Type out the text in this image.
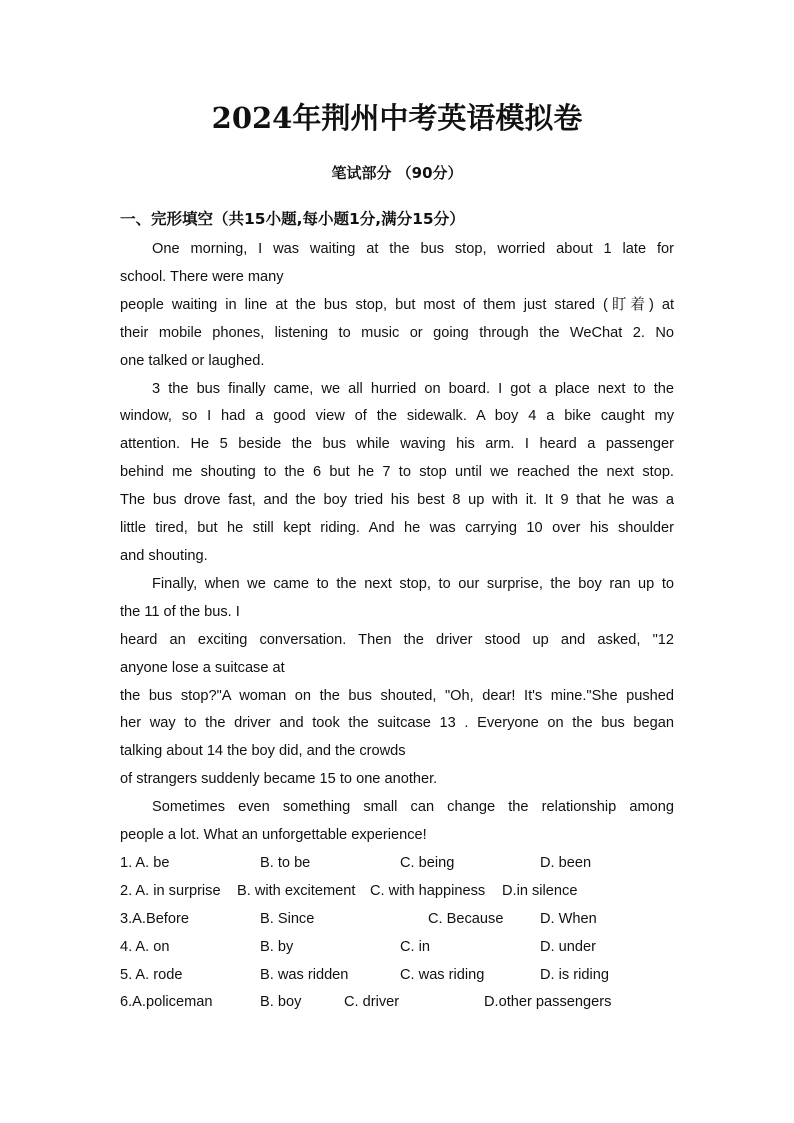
2024年荆州中考英语模拟卷
笔试部分 （90分）
一、完形填空（共15小题,每小题1分,满分15分）
One morning, I was waiting at the bus stop, worried about 1 late for
school. There were many
people waiting in line at the bus stop, but most of them just stared (盯着) at
their mobile phones, listening to music or going through the WeChat 2. No
one talked or laughed.
3 the bus finally came, we all hurried on board. I got a place next to the
window, so I had a good view of the sidewalk. A boy 4 a bike caught my
attention. He 5 beside the bus while waving his arm. I heard a passenger
behind me shouting to the 6 but he 7 to stop until we reached the next stop.
The bus drove fast, and the boy tried his best 8 up with it. It 9 that he was a
little tired, but he still kept riding. And he was carrying 10 over his shoulder
and shouting.
Finally, when we came to the next stop, to our surprise, the boy ran up to
the 11 of the bus. I
heard an exciting conversation. Then the driver stood up and asked, "12
anyone lose a suitcase at
the bus stop?"A woman on the bus shouted, "Oh, dear! It's mine."She pushed
her way to the driver and took the suitcase 13 . Everyone on the bus began
talking about 14 the boy did, and the crowds
of strangers suddenly became 15 to one another.
Sometimes even something small can change the relationship among
people a lot. What an unforgettable experience!
1. A. be	B. to be	C. being	D. been
2. A. in surprise B. with excitement C. with happiness D.in silence
3.A.Before	B. Since	C. Because	D. When
4. A. on	B. by	C. in	D. under
5. A. rode	B. was ridden	C. was riding	D. is riding
6.A.policeman	B. boy	C. driver	D.other passengers
